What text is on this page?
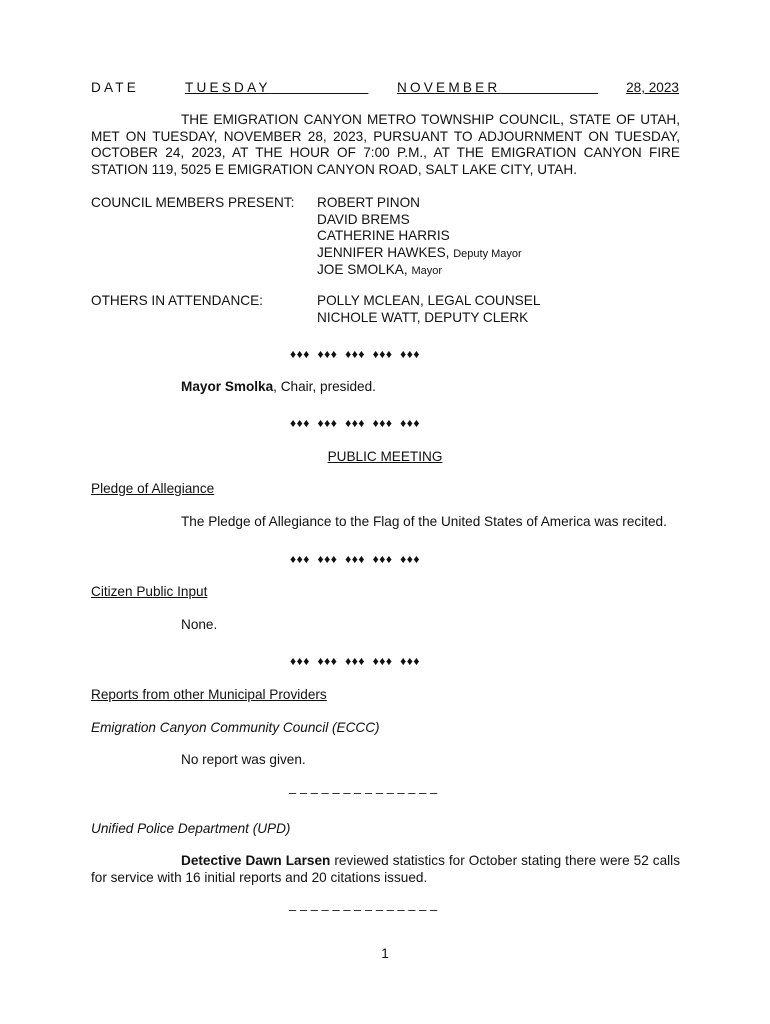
DATE	TUESDAY	NOVEMBER	28, 2023
THE EMIGRATION CANYON METRO TOWNSHIP COUNCIL, STATE OF UTAH, MET ON TUESDAY, NOVEMBER 28, 2023, PURSUANT TO ADJOURNMENT ON TUESDAY, OCTOBER 24, 2023, AT THE HOUR OF 7:00 P.M., AT THE EMIGRATION CANYON FIRE STATION 119, 5025 E EMIGRATION CANYON ROAD, SALT LAKE CITY, UTAH.
COUNCIL MEMBERS PRESENT: ROBERT PINON
DAVID BREMS
CATHERINE HARRIS
JENNIFER HAWKES, Deputy Mayor
JOE SMOLKA, Mayor
OTHERS IN ATTENDANCE:	POLLY MCLEAN, LEGAL COUNSEL
NICHOLE WATT, DEPUTY CLERK
♦♦♦  ♦♦♦  ♦♦♦  ♦♦♦  ♦♦♦
Mayor Smolka, Chair, presided.
♦♦♦  ♦♦♦  ♦♦♦  ♦♦♦  ♦♦♦
PUBLIC MEETING
Pledge of Allegiance
The Pledge of Allegiance to the Flag of the United States of America was recited.
♦♦♦  ♦♦♦  ♦♦♦  ♦♦♦  ♦♦♦
Citizen Public Input
None.
♦♦♦  ♦♦♦  ♦♦♦  ♦♦♦  ♦♦♦
Reports from other Municipal Providers
Emigration Canyon Community Council (ECCC)
No report was given.
– – – – – – – – – – – – – –
Unified Police Department (UPD)
Detective Dawn Larsen reviewed statistics for October stating there were 52 calls for service with 16 initial reports and 20 citations issued.
– – – – – – – – – – – – – –
1
